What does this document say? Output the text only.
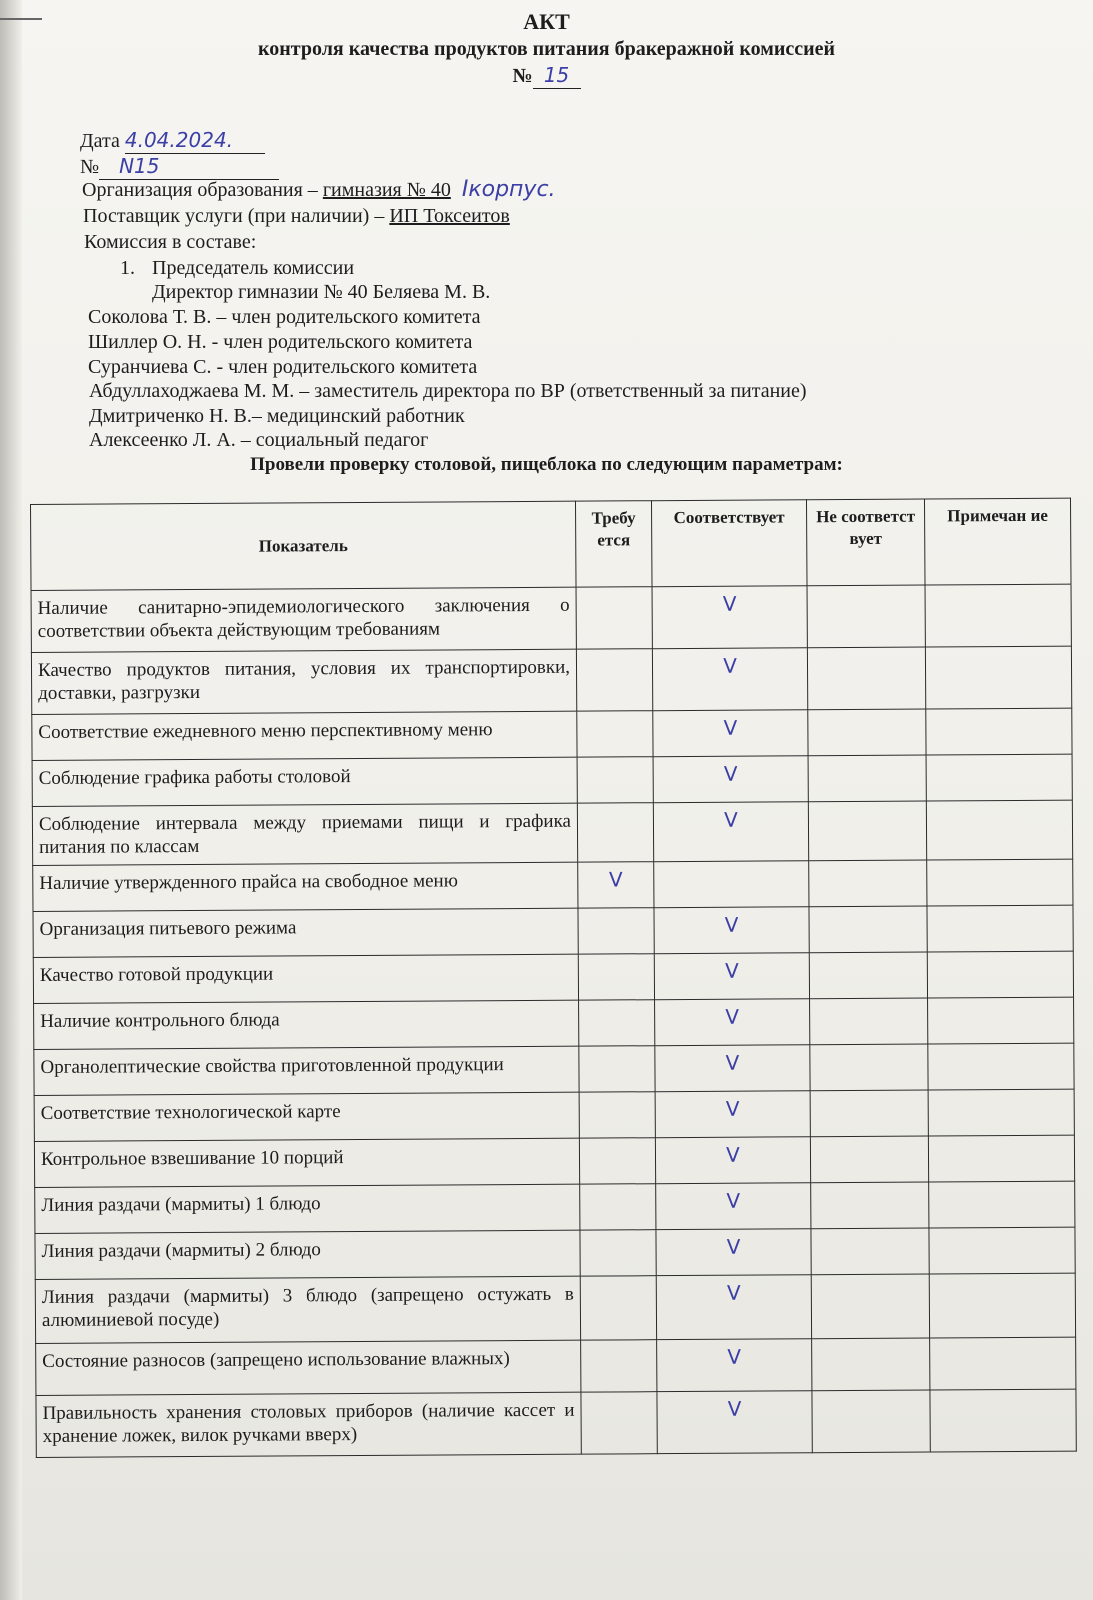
АКТ
контроля качества продуктов питания бракеражной комиссией
№ 15
Дата 4.04.2024.
№ N15
Организация образования – гимназия № 40 Ікорпус.
Поставщик услуги (при наличии) – ИП Токсеитов
Комиссия в составе:
1. Председатель комиссии
Директор гимназии № 40 Беляева М. В.
Соколова Т. В. – член родительского комитета
Шиллер О. Н. - член родительского комитета
Суранчиева С. - член родительского комитета
Абдуллаходжаева М. М. – заместитель директора по ВР (ответственный за питание)
Дмитриченко Н. В.– медицинский работник
Алексеенко Л. А. – социальный педагог
Провели проверку столовой, пищеблока по следующим параметрам:
Показатель	Требу ется	Соответствует	Не соответст вует	Примечан ие
Наличие санитарно-эпидемиологического заключения о соответствии объекта действующим требованиям		V		
Качество продуктов питания, условия их транспортировки, доставки, разгрузки		V		
Соответствие ежедневного меню перспективному меню		V		
Соблюдение графика работы столовой		V		
Соблюдение интервала между приемами пищи и графика питания по классам		V		
Наличие утвержденного прайса на свободное меню	V			
Организация питьевого режима		V		
Качество готовой продукции		V		
Наличие контрольного блюда		V		
Органолептические свойства приготовленной продукции		V		
Соответствие технологической карте		V		
Контрольное взвешивание 10 порций		V		
Линия раздачи (мармиты) 1 блюдо		V		
Линия раздачи (мармиты) 2 блюдо		V		
Линия раздачи (мармиты) 3 блюдо (запрещено остужать в алюминиевой посуде)		V		
Состояние разносов (запрещено использование влажных)		V		
Правильность хранения столовых приборов (наличие кассет и хранение ложек, вилок ручками вверх)		V		
